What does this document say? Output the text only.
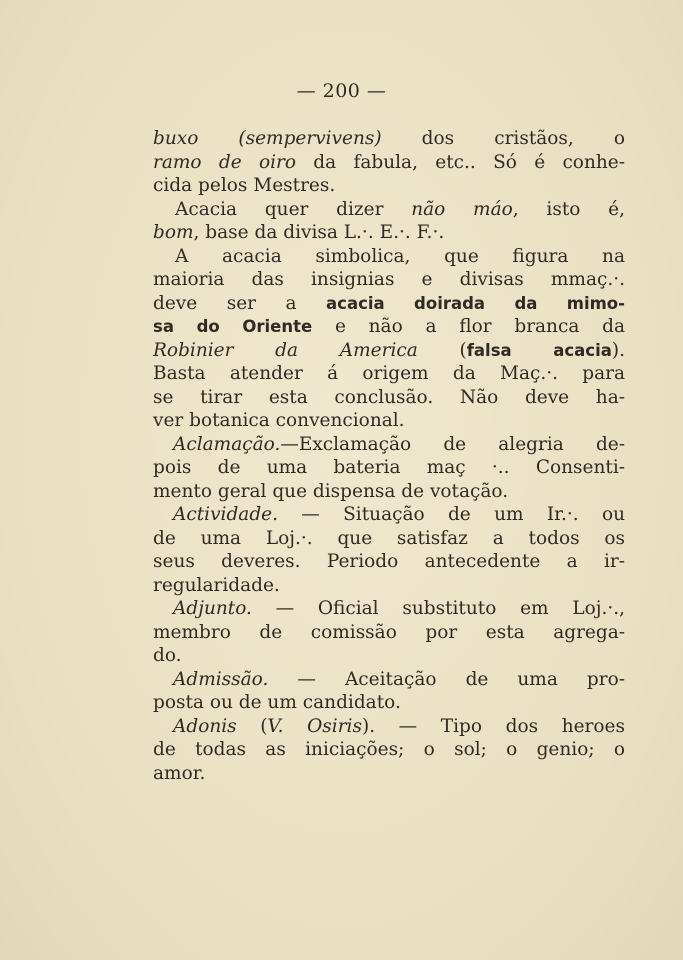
— 200 —
buxo (sempervivens) dos cristãos, o
ramo de oiro da fabula, etc.. Só é conhe-
cida pelos Mestres.
Acacia quer dizer não máo, isto é,
bom, base da divisa L.·. E.·. F.·.
A acacia simbolica, que figura na
maioria das insignias e divisas mmaç.·.
deve ser a acacia doirada da mimo-
sa do Oriente e não a flor branca da
Robinier da America (falsa acacia).
Basta atender á origem da Maç.·. para
se tirar esta conclusão. Não deve ha-
ver botanica convencional.
Aclamação.—Exclamação de alegria de-
pois de uma bateria maç ·.. Consenti-
mento geral que dispensa de votação.
Actividade. — Situação de um Ir.·. ou
de uma Loj.·. que satisfaz a todos os
seus deveres. Periodo antecedente a ir-
regularidade.
Adjunto. — Oficial substituto em Loj.·.,
membro de comissão por esta agrega-
do.
Admissão. — Aceitação de uma pro-
posta ou de um candidato.
Adonis (V. Osiris). — Tipo dos heroes
de todas as iniciações; o sol; o genio; o
amor.
